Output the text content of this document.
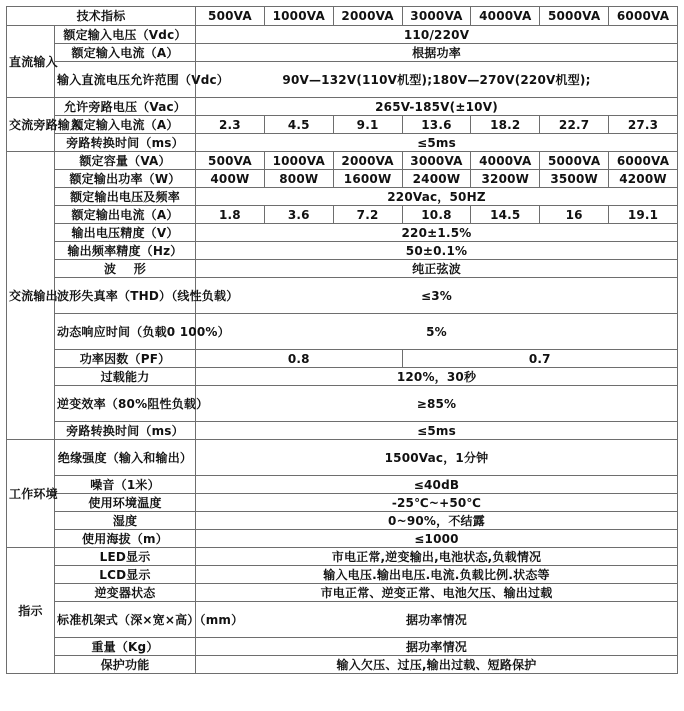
技术指标		500VA	1000VA	2000VA	3000VA	4000VA	5000VA	6000VA
直流输入	额定输入电压（Vdc）	110/220V						
	额定输入电流（A）	根据功率						
	输入直流电压允许范围（Vdc）	90V—132V(110V机型);180V—270V(220V机型);						

交流旁路输入	允许旁路电压（Vac）	265V-185V(±10V)						
	额定输入电流（A）	2.3	4.5	9.1	13.6	18.2	22.7	27.3
	旁路转换时间（ms）	≤5ms						
交流输出	额定容量（VA）	500VA	1000VA	2000VA	3000VA	4000VA	5000VA	6000VA
	额定输出功率（W）	400W	800W	1600W	2400W	3200W	3500W	4200W
	额定输出电压及频率	220Vac，50HZ						
	额定输出电流（A）	1.8	3.6	7.2	10.8	14.5	16	19.1
	输出电压精度（V）	220±1.5%						
	输出频率精度（Hz）	50±0.1%						
	波    形	纯正弦波						
	波形失真率（THD）（线性负载）	≤3%						
	动态响应时间（负载0 100%）	5%						
	功率因数（PF）	0.8			0.7			
	过载能力	120%，30秒						
	逆变效率（80%阻性负载）	≥85%						
	旁路转换时间（ms）	≤5ms						

工作环境	绝缘强度（输入和输出）	1500Vac，1分钟						
	噪音（1米）	≤40dB						
	使用环境温度	-25℃~+50℃						
	湿度	0~90%，不结露						
	使用海拔（m）	≤1000						
指示	LED显示	市电正常,逆变输出,电池状态,负载情况						
	LCD显示	输入电压.输出电压.电流.负载比例.状态等						
	逆变器状态	市电正常、逆变正常、电池欠压、输出过载						
	标准机架式（深×宽×高）（mm）	据功率情况						
	重量（Kg）	据功率情况						
	保护功能	输入欠压、过压,输出过载、短路保护						
